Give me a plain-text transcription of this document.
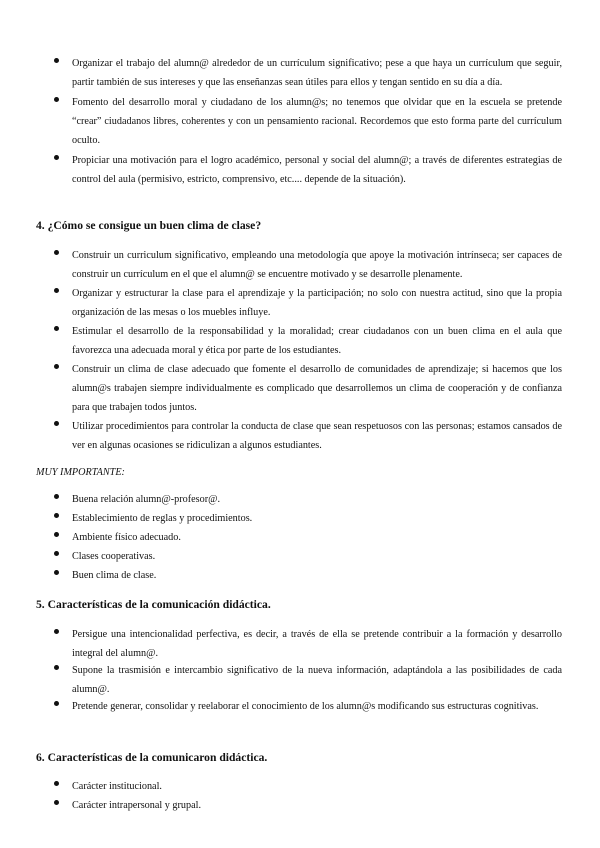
Organizar el trabajo del alumn@ alrededor de un currículum significativo; pese a que haya un currículum que seguir, partir también de sus intereses y que las enseñanzas sean útiles para ellos y tengan sentido en su día a día.
Fomento del desarrollo moral y ciudadano de los alumn@s; no tenemos que olvidar que en la escuela se pretende “crear” ciudadanos libres, coherentes y con un pensamiento racional. Recordemos que esto forma parte del currículum oculto.
Propiciar una motivación para el logro académico, personal y social del alumn@; a través de diferentes estrategias de control del aula (permisivo, estricto, comprensivo, etc.... depende de la situación).
4. ¿Cómo se consigue un buen clima de clase?
Construir un curriculum significativo, empleando una metodología que apoye la motivación intrínseca; ser capaces de construir un currículum en el que el alumn@ se encuentre motivado y se desarrolle plenamente.
Organizar y estructurar la clase para el aprendizaje y la participación; no solo con nuestra actitud, sino que la propia organización de las mesas o los muebles influye.
Estimular el desarrollo de la responsabilidad y la moralidad; crear ciudadanos con un buen clima en el aula que favorezca una adecuada moral y ética por parte de los estudiantes.
Construir un clima de clase adecuado que fomente el desarrollo de comunidades de aprendizaje; si hacemos que los alumn@s trabajen siempre individualmente es complicado que desarrollemos un clima de cooperación y de confianza para que trabajen todos juntos.
Utilizar procedimientos para controlar la conducta de clase que sean respetuosos con las personas; estamos cansados de ver en algunas ocasiones se ridiculizan a algunos estudiantes.
MUY IMPORTANTE:
Buena relación alumn@-profesor@.
Establecimiento de reglas y procedimientos.
Ambiente físico adecuado.
Clases cooperativas.
Buen clima de clase.
5. Características de la comunicación didáctica.
Persigue una intencionalidad perfectiva, es decir, a través de ella se pretende contribuir a la formación y desarrollo integral del alumn@.
Supone la trasmisión e intercambio significativo de la nueva información, adaptándola a las posibilidades de cada alumn@.
Pretende generar, consolidar y reelaborar el conocimiento de los alumn@s modificando sus estructuras cognitivas.
6. Características de la comunicaron didáctica.
Carácter institucional.
Carácter intrapersonal y grupal.
